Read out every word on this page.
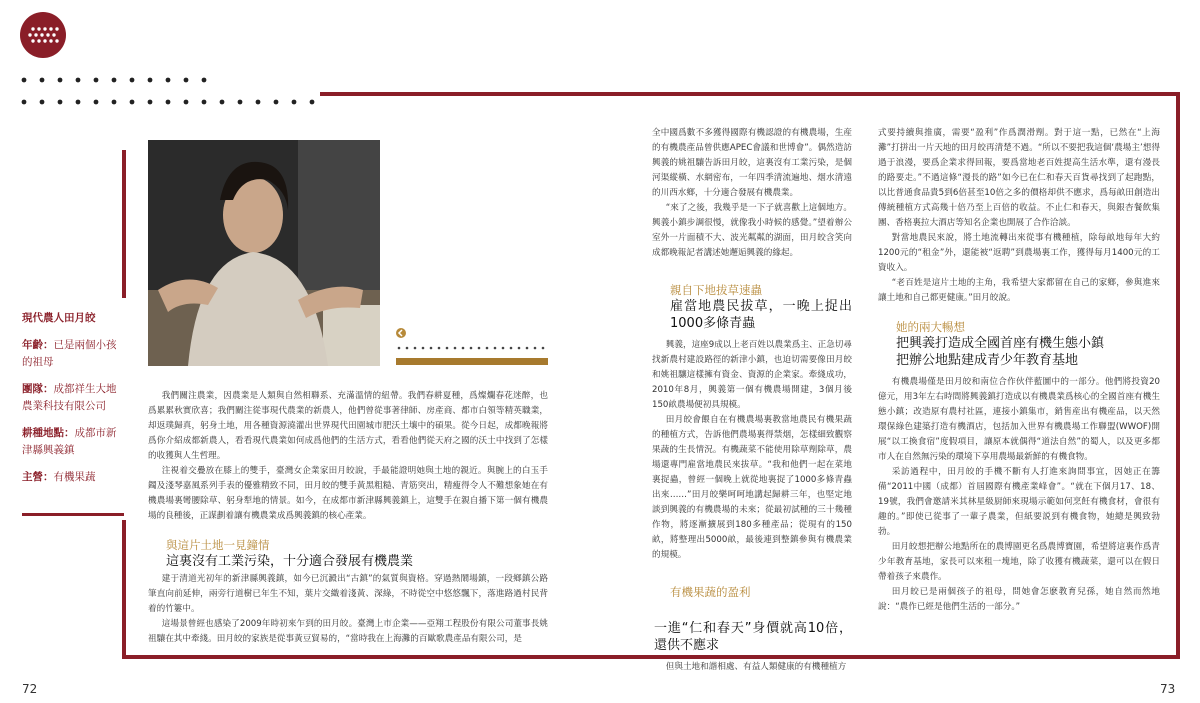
現代農人田月皎
年齡：已是兩個小孩的祖母
團隊：成都祥生大地農業科技有限公司
耕種地點：成都市新津縣興義鎮
主營：有機果蔬

我們關注農業，因農業是人類與自然相聯系、充滿溫情的紐帶。我們春耕夏種，爲燦爛春花迷醉，也爲累累秋實欣喜；我們關注從事現代農業的新農人，他們曾從事著律師、房產商、都市白領等精英職業，却返璞歸真，躬身土地，用各種資源澆灌出世界現代田園城市肥沃土壤中的碩果。從今日起，成都晚報將爲你介紹成都新農人，看看現代農業如何成爲他們的生活方式，看看他們從天府之國的沃土中找到了怎樣的收獲與人生哲理。

注視着交疊放在膝上的雙手，臺灣女企業家田月皎說，手最能證明她與土地的親近。與腕上的白玉手鐲及淺琴嘉風系列手表的優雅精致不同，田月皎的雙手黃黑粗糙、青筋突出，精瘦得令人不難想象她在有機農場裏彎腰除草、躬身犁地的情景。如今，在成都市新津縣興義鎮上，這雙手在親自播下第一個有機農場的良種後，正謀劃着讓有機農業成爲興義鎮的核心產業。

與這片土地一見鐘情
這裏沒有工業污染，十分適合發展有機農業

建于清道光初年的新津縣興義鎮，如今已沉澱出“古鎮”的氣質與資格。穿過熱鬧場鎮，一段鄉鎮公路筆直向前延伸，兩旁行道樹已年生不知，葉片交織着淺黃、深綠，不時從空中悠悠飄下，落進路過村民背着的竹簍中。

這場景曾經也感染了2009年時初來乍到的田月皎。臺灣上市企業——亞翔工程股份有限公司董事長姚祖驤在其中牽綫。田月皎的家族是從事黃豆貿易的，“當時我在上海灘的百歐歌農產品有限公司，是

全中國爲數不多獲得國際有機認證的有機農場，生産的有機農產品曾供應APEC會議和世博會”。偶然造訪興義的姚祖驤告訴田月皎，這裏沒有工業污染，是個河渠縱橫、水網密布，一年四季清流遍地、烟水清遠的川西水鄉，十分適合發展有機農業。

“來了之後，我幾乎是一下子就喜歡上這個地方。興義小鎮步調很慢，就像我小時候的感覺。”望着辦公室外一片面積不大、波光粼粼的湖面，田月皎含笑向成都晚報記者講述她邂逅興義的緣起。

親自下地拔草速蟲
雇當地農民拔草，一晚上捉出1000多條青蟲

興義，這座9成以上老百姓以農業爲主、正急切尋找新農村建設路徑的新津小鎮，也迫切需要像田月皎和姚祖驤這樣擁有資金、資源的企業家。牽綫成功，2010年8月，興義第一個有機農場開建，3個月後150畝農場便初具規模。

田月皎會餵自在有機農場裏教當地農民有機果蔬的種植方式，告訴他們農場裏得禁烟，怎樣細致觀察果蔬的生長情況。有機蔬菜不能使用除草劑除草，農場還專門雇當地農民來拔草。“我和他們一起在菜地裏捉蟲，曾經一個晚上就從地裏捉了1000多條青蟲出來……”田月皎樂呵呵地講起歸耕三年，也堅定地談到興義的有機農場的未來；從最初試種的三十幾種作物，將逐漸擴展到180多種產品；從現有的150畝，將整理出5000畝，最後連到整鎮參與有機農業的規模。

有機果蔬的盈利
一進“仁和春天”身價就高10倍，還供不應求

但與土地和諧相處、有益人類健康的有機種植方

式要持續與推廣，需要“盈利”作爲潤滑劑。對于這一點，已然在“上海灘”打拼出一片天地的田月皎再清楚不過。“所以不要把我這個‘農場主’想得過于浪漫，要爲企業求得回報，要爲當地老百姓提高生活水準，還有漫長的路要走。”不過這條“漫長的路”如今已在仁和春天百貨尋找到了起跑點，以比普通食品貴5到6倍甚至10倍之多的價格却供不應求，爲每畝田創造出傳統種植方式高幾十倍乃至上百倍的收益。不止仁和春天，與銀杏餐飲集團、香格裏拉大酒店等知名企業也開展了合作洽談。

對當地農民來說，將土地流轉出來從事有機種植，除每畝地每年大約1200元的“租金”外，還能被“返聘”到農場裏工作，獲得每月1400元的工資收入。

“老百姓是這片土地的主角，我希望大家都留在自己的家鄉，參與進來讓土地和自己都更健康。”田月皎說。

她的兩大暢想
把興義打造成全國首座有機生態小鎮
把辦公地點建成青少年教育基地

有機農場僅是田月皎和南位合作伙伴藍圖中的一部分。他們將投資20億元，用3年左右時間將興義鎮打造成以有機農業爲核心的全國首座有機生態小鎮；改造原有農村社區，連接小鎮集市，銷售産出有機産品，以天然環保綠色建築打造有機酒店，包括加入世界有機農場工作聯盟(WWOF)開展“以工換食宿”度假項目，讓原本就偶得“道法自然”的蜀人，以及更多都市人在自然無污染的環境下享用農場最新鮮的有機食物。

采訪過程中，田月皎的手機不斷有人打進來詢問事宜，因她正在籌備“2011中國（成都）首屆國際有機產業峰會”。“就在下個月17、18、19號，我們會邀請米其林星級厨師來現場示範如何烹飪有機食材，會很有趣的。”即使已從事了一輩子農業，但紙要説到有機食物，她總是興致勃勃。

田月皎想把辦公地點所在的農博園更名爲農博寶園，希望將這裏作爲青少年教育基地，家長可以來租一塊地，除了收獲有機蔬菜，還可以在假日帶着孩子來農作。

田月皎已是兩個孩子的祖母，問她會怎麽教育兒孫，她自然而然地說：“農作已經是他們生活的一部分。”

72	73
